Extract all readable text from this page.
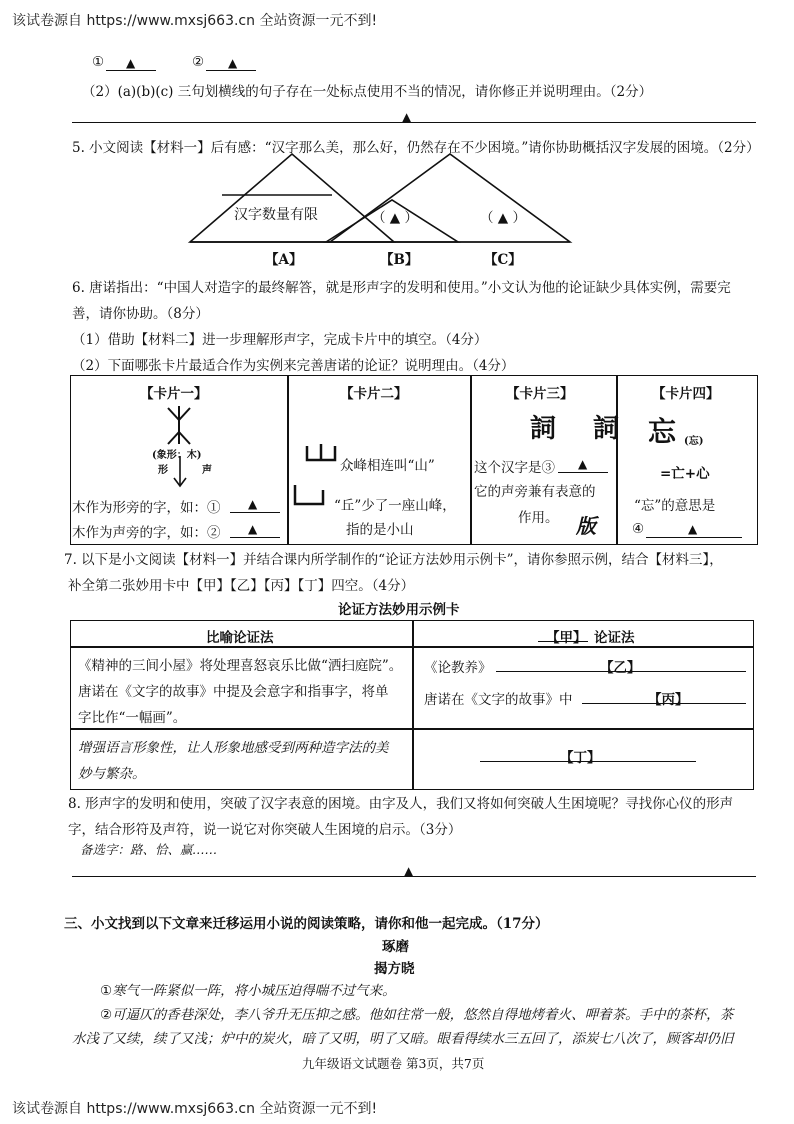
该试卷源自 https://www.mxsj663.cn 全站资源一元不到!
① ▲	② ▲
（2）(a)(b)(c) 三句划横线的句子存在一处标点使用不当的情况，请你修正并说明理由。（2分）
▲
5. 小文阅读【材料一】后有感：“汉字那么美，那么好，仍然存在不少困境。”请你协助概括汉字发展的困境。（2分）
汉字数量有限	（ ▲ ）	（ ▲ ）
【A】	【B】	【C】
6. 唐诺指出：“中国人对造字的最终解答，就是形声字的发明和使用。”小文认为他的论证缺少具体实例，需要完
善，请你协助。（8分）
（1）借助【材料二】进一步理解形声字，完成卡片中的填空。（4分）
（2）下面哪张卡片最适合作为实例来完善唐诺的论证？说明理由。（4分）
【卡片一】
(象形：木)
形	声
木作为形旁的字，如：① ▲
木作为声旁的字，如：② ▲
【卡片二】
众峰相连叫“山”
“丘”少了一座山峰，
指的是小山
【卡片三】
詞 詞
这个汉字是③ ▲
它的声旁兼有表意的
作用。 版
【卡片四】
忘 (忘)
=亡+心
“忘”的意思是
④	▲
7. 以下是小文阅读【材料一】并结合课内所学制作的“论证方法妙用示例卡”，请你参照示例，结合【材料三】，
补全第二张妙用卡中【甲】【乙】【丙】【丁】四空。（4分）
论证方法妙用示例卡
比喻论证法	【甲】 论证法
《精神的三间小屋》将处理喜怒哀乐比做“洒扫庭院”。
唐诺在《文字的故事》中提及会意字和指事字，将单
字比作“一幅画”。
《论教养》	【乙】
唐诺在《文字的故事》中	【丙】
增强语言形象性，让人形象地感受到两种造字法的美
妙与繁杂。
【丁】
8. 形声字的发明和使用，突破了汉字表意的困境。由字及人，我们又将如何突破人生困境呢？寻找你心仪的形声
字，结合形符及声符，说一说它对你突破人生困境的启示。（3分）
备选字：路、恰、赢……
▲
三、小文找到以下文章来迁移运用小说的阅读策略，请你和他一起完成。（17分）
琢磨
揭方晓
①寒气一阵紧似一阵，将小城压迫得喘不过气来。
②可逼仄的香巷深处，李八爷升无压抑之感。他如往常一般，悠然自得地烤着火、呷着茶。手中的茶杯，茶
水浅了又续，续了又浅；炉中的炭火，暗了又明，明了又暗。眼看得续水三五回了，添炭七八次了，顾客却仍旧
九年级语文试题卷 第3页，共7页
该试卷源自 https://www.mxsj663.cn 全站资源一元不到!
